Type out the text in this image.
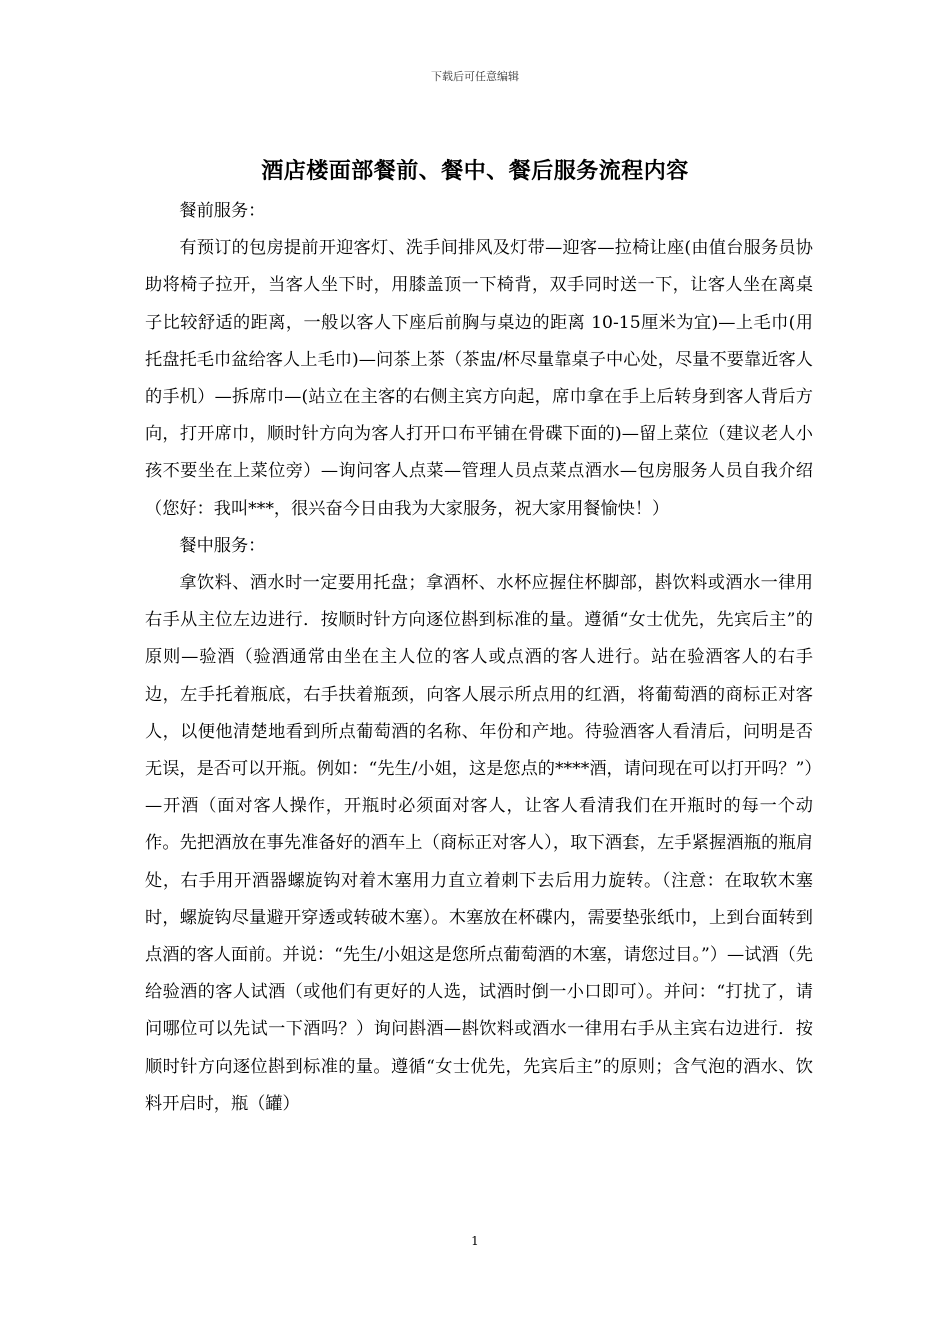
下载后可任意编辑
酒店楼面部餐前、餐中、餐后服务流程内容

餐前服务：

有预订的包房提前开迎客灯、洗手间排风及灯带—迎客—拉椅让座(由值台服务员协助将椅子拉开，当客人坐下时，用膝盖顶一下椅背，双手同时送一下，让客人坐在离桌子比较舒适的距离，一般以客人下座后前胸与桌边的距离 10-15厘米为宜)—上毛巾(用托盘托毛巾盆给客人上毛巾)—问茶上茶（茶盅/杯尽量靠桌子中心处，尽量不要靠近客人的手机）—拆席巾—(站立在主客的右侧主宾方向起，席巾拿在手上后转身到客人背后方向，打开席巾，顺时针方向为客人打开口布平铺在骨碟下面的)—留上菜位（建议老人小孩不要坐在上菜位旁）—询问客人点菜—管理人员点菜点酒水—包房服务人员自我介绍（您好：我叫***，很兴奋今日由我为大家服务，祝大家用餐愉快！）

餐中服务：

拿饮料、酒水时一定要用托盘；拿酒杯、水杯应握住杯脚部，斟饮料或酒水一律用右手从主位左边进行．按顺时针方向逐位斟到标准的量。遵循“女士优先，先宾后主”的原则—验酒（验酒通常由坐在主人位的客人或点酒的客人进行。站在验酒客人的右手边，左手托着瓶底，右手扶着瓶颈，向客人展示所点用的红酒，将葡萄酒的商标正对客人，以便他清楚地看到所点葡萄酒的名称、年份和产地。待验酒客人看清后，问明是否无误，是否可以开瓶。例如：“先生/小姐，这是您点的****酒，请问现在可以打开吗？”）—开酒（面对客人操作，开瓶时必须面对客人，让客人看清我们在开瓶时的每一个动作。先把酒放在事先准备好的酒车上（商标正对客人），取下酒套，左手紧握酒瓶的瓶肩处，右手用开酒器螺旋钩对着木塞用力直立着刺下去后用力旋转。（注意：在取软木塞时，螺旋钩尽量避开穿透或转破木塞）。木塞放在杯碟内，需要垫张纸巾，上到台面转到点酒的客人面前。并说：“先生/小姐这是您所点葡萄酒的木塞，请您过目。”）—试酒（先给验酒的客人试酒（或他们有更好的人选，试酒时倒一小口即可）。并问：“打扰了，请问哪位可以先试一下酒吗？）询问斟酒—斟饮料或酒水一律用右手从主宾右边进行．按顺时针方向逐位斟到标准的量。遵循“女士优先，先宾后主”的原则；含气泡的酒水、饮料开启时，瓶（罐）

1
